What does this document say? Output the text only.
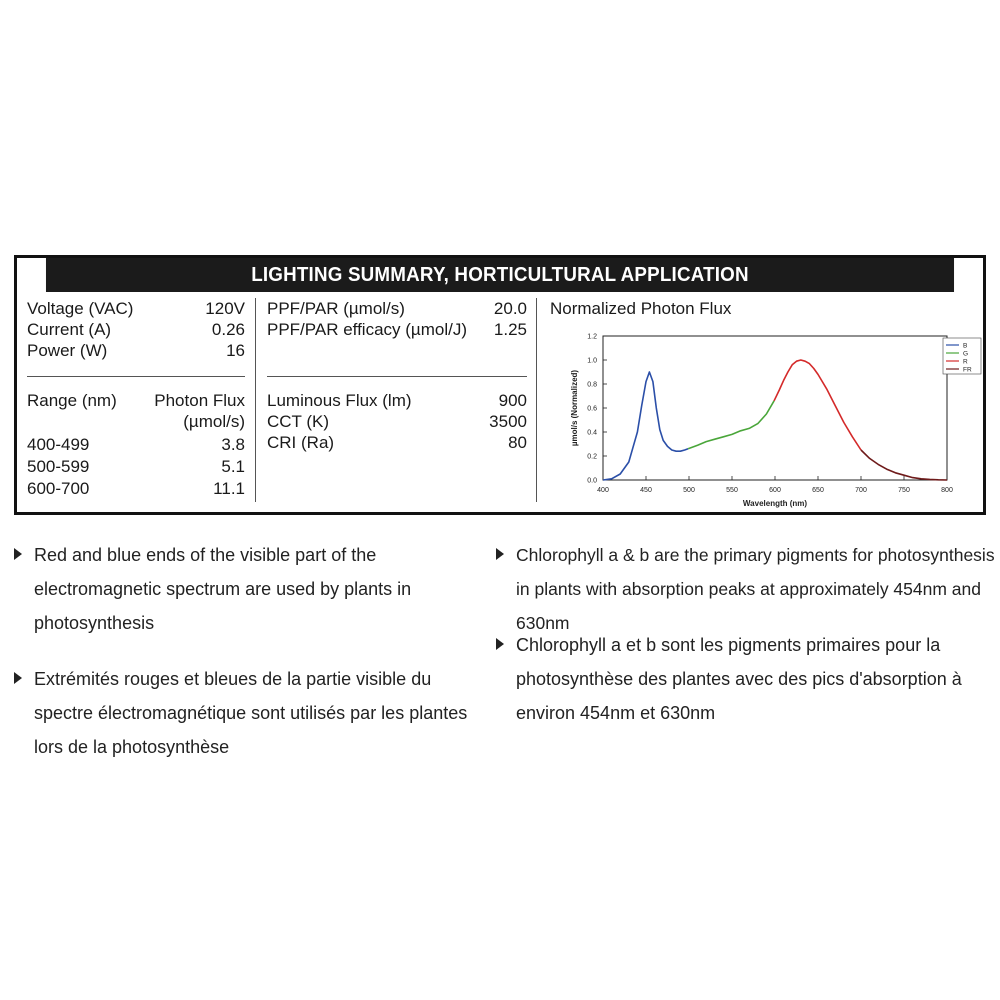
LIGHTING SUMMARY, HORTICULTURAL APPLICATION
Voltage (VAC)	120V
Current (A)	0.26
Power (W)	16
Range (nm) Photon Flux
(µmol/s)
400-499	3.8
500-599	5.1
600-700	11.1
PPF/PAR (µmol/s)	20.0
PPF/PAR efficacy (µmol/J) 1.25
Luminous Flux (lm)	900
CCT (K)	3500
CRI (Ra)	80
Normalized Photon Flux
400	450	500	550	600	650	700	750	800
0.0
0.2
0.4
0.6
0.8
1.0
1.2
Wavelength (nm)
µmol/s (Normalized)
B
G
R
FR
Red and blue ends of the visible part of the
electromagnetic spectrum are used by plants in
photosynthesis
Extrémités rouges et bleues de la partie visible du
spectre électromagnétique sont utilisés par les plantes
lors de la photosynthèse
Chlorophyll a & b are the primary pigments for photosynthesis
in plants with absorption peaks at approximately 454nm and 630nm
Chlorophyll a et b sont les pigments primaires pour la
photosynthèse des plantes avec des pics d'absorption à
environ 454nm et 630nm
